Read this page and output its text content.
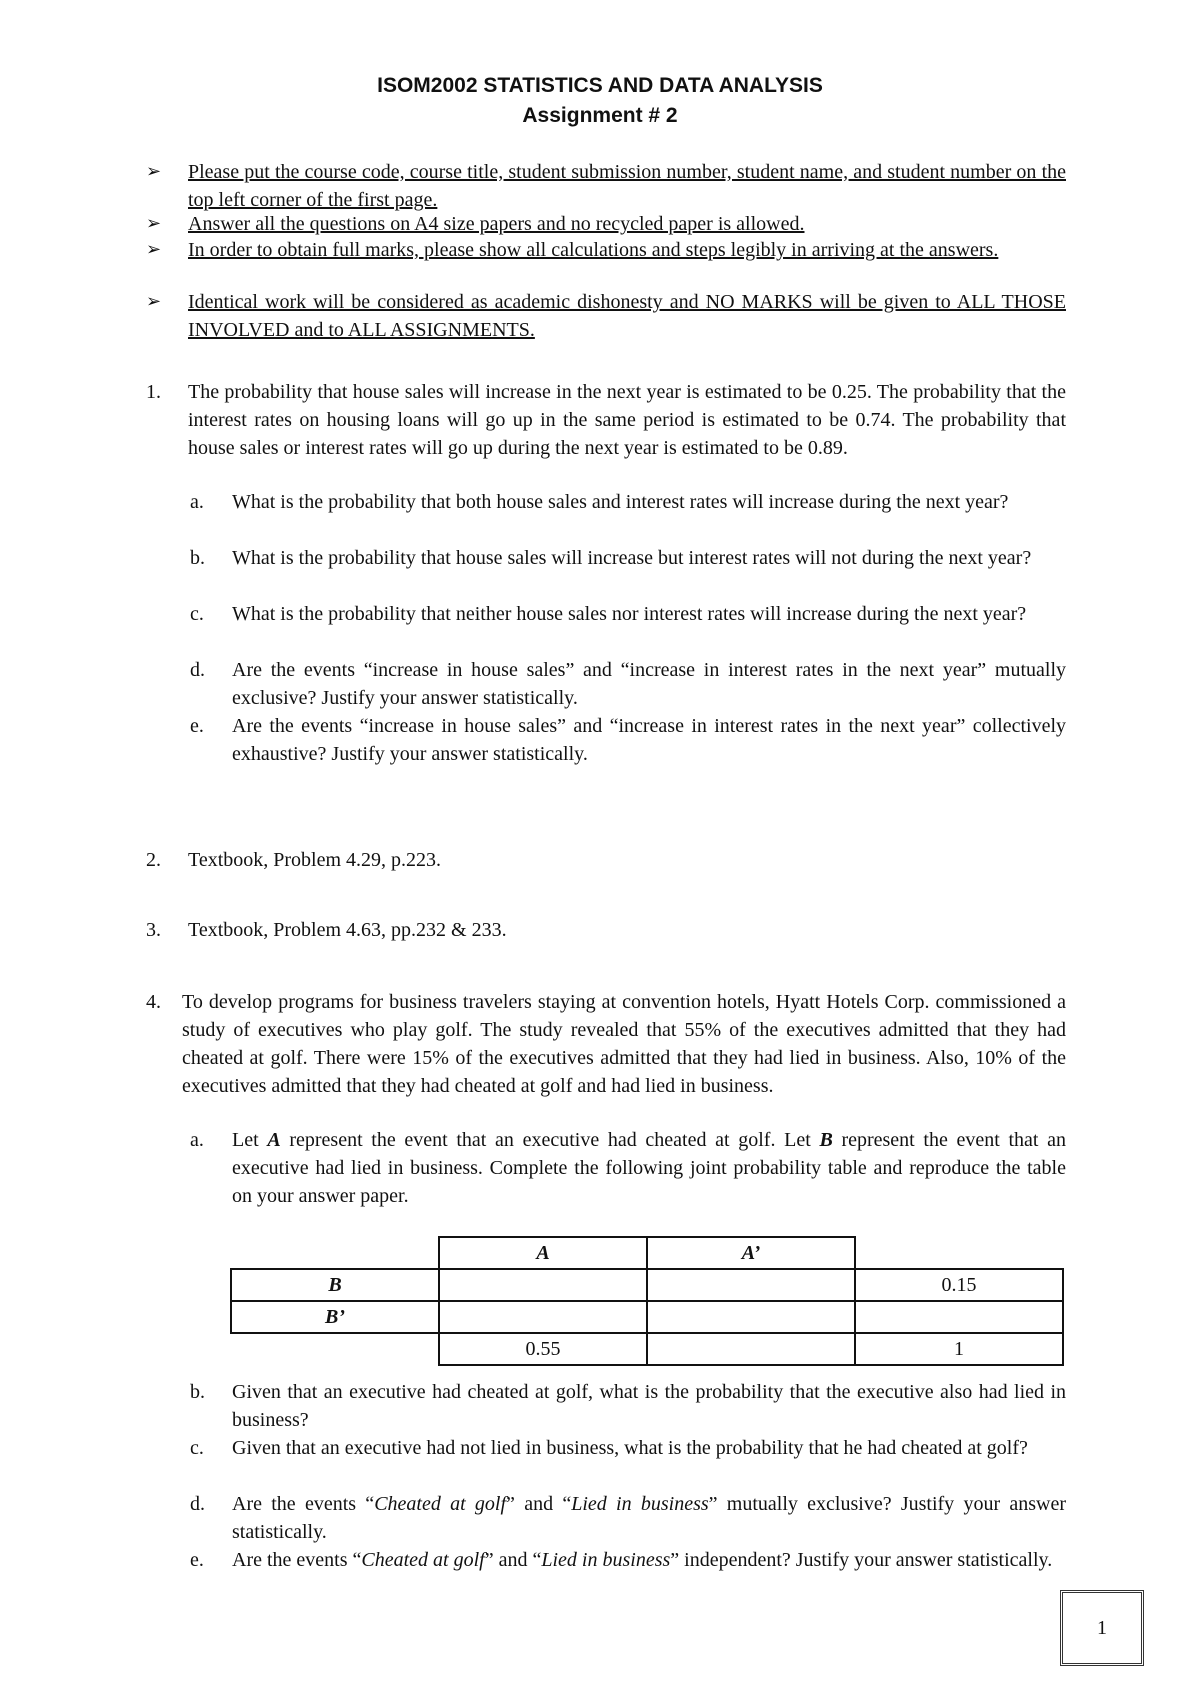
ISOM2002 STATISTICS AND DATA ANALYSIS
Assignment # 2
➢ Please put the course code, course title, student submission number, student name, and student number on the top left corner of the first page.
➢ Answer all the questions on A4 size papers and no recycled paper is allowed.
➢ In order to obtain full marks, please show all calculations and steps legibly in arriving at the answers.
➢ Identical work will be considered as academic dishonesty and NO MARKS will be given to ALL THOSE INVOLVED and to ALL ASSIGNMENTS.
1. The probability that house sales will increase in the next year is estimated to be 0.25. The probability that the interest rates on housing loans will go up in the same period is estimated to be 0.74. The probability that house sales or interest rates will go up during the next year is estimated to be 0.89.
a. What is the probability that both house sales and interest rates will increase during the next year?
b. What is the probability that house sales will increase but interest rates will not during the next year?
c. What is the probability that neither house sales nor interest rates will increase during the next year?
d. Are the events “increase in house sales” and “increase in interest rates in the next year” mutually exclusive? Justify your answer statistically.
e. Are the events “increase in house sales” and “increase in interest rates in the next year” collectively exhaustive? Justify your answer statistically.
2. Textbook, Problem 4.29, p.223.
3. Textbook, Problem 4.63, pp.232 & 233.
4. To develop programs for business travelers staying at convention hotels, Hyatt Hotels Corp. commissioned a study of executives who play golf. The study revealed that 55% of the executives admitted that they had cheated at golf. There were 15% of the executives admitted that they had lied in business. Also, 10% of the executives admitted that they had cheated at golf and had lied in business.
a. Let A represent the event that an executive had cheated at golf. Let B represent the event that an executive had lied in business. Complete the following joint probability table and reproduce the table on your answer paper.
	A	A’	
B			0.15
B’			
	0.55		1
b. Given that an executive had cheated at golf, what is the probability that the executive also had lied in business?
c. Given that an executive had not lied in business, what is the probability that he had cheated at golf?
d. Are the events “Cheated at golf” and “Lied in business” mutually exclusive? Justify your answer statistically.
e. Are the events “Cheated at golf” and “Lied in business” independent? Justify your answer statistically.
1
